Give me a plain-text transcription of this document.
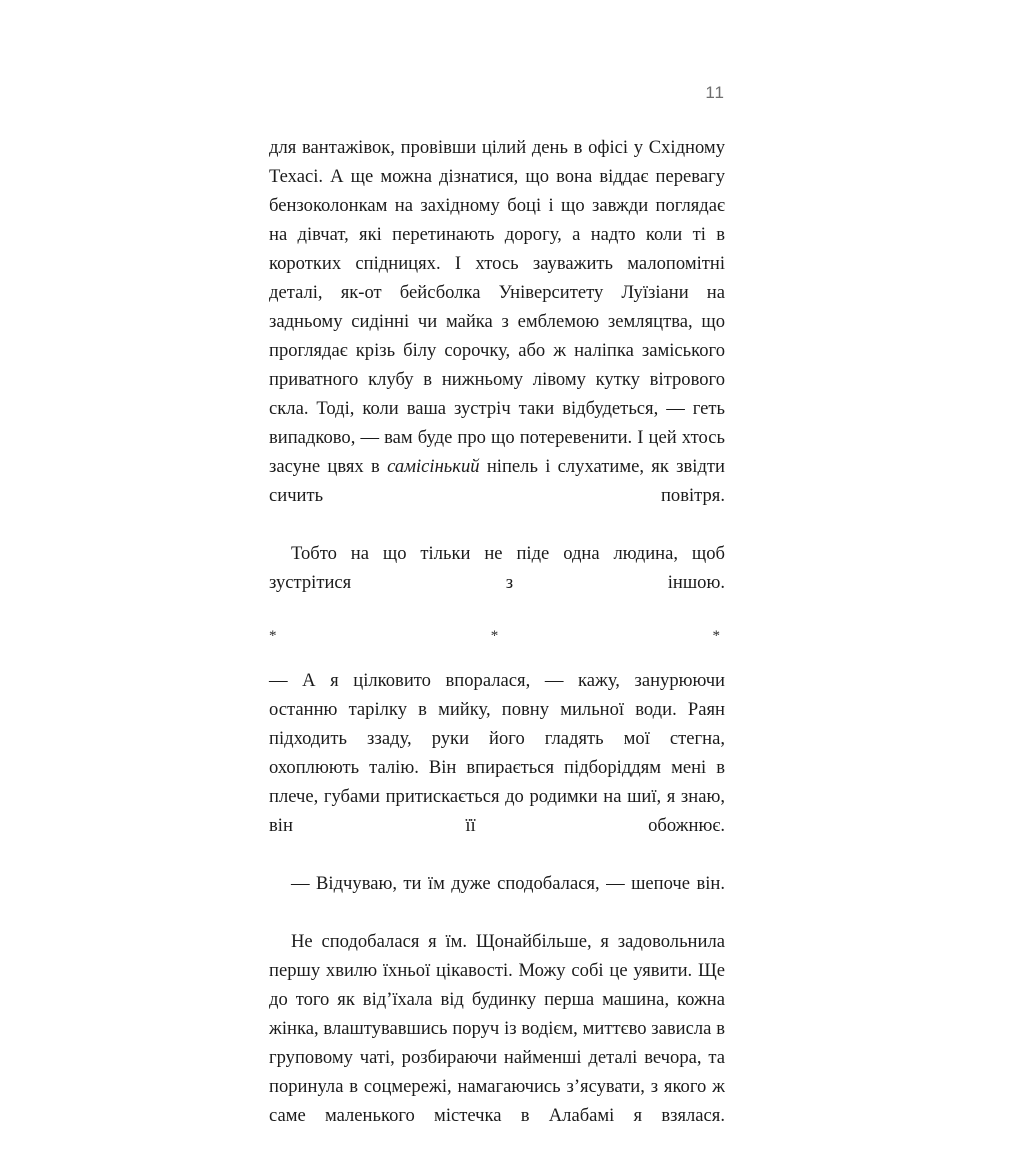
11

для вантажівок, провівши цілий день в офісі у Східному Техасі. А ще можна дізнатися, що вона віддає перевагу бензоколонкам на західному боці і що завжди поглядає на дівчат, які перетинають дорогу, а надто коли ті в коротких спідницях. І хтось зауважить малопомітні деталі, як-от бейсболка Університету Луїзіани на задньому сидінні чи майка з емблемою земляцтва, що проглядає крізь білу сорочку, або ж наліпка заміського приватного клубу в нижньому лівому кутку вітрового скла. Тоді, коли ваша зустріч таки відбудеться, — геть випадково, — вам буде про що потеревенити. І цей хтось засуне цвях в самісінький ніпель і слухатиме, як звідти сичить повітря.

Тобто на що тільки не піде одна людина, щоб зустрітися з іншою.

* * *

— А я цілковито впоралася, — кажу, занурюючи останню тарілку в мийку, повну мильної води. Раян підходить ззаду, руки його гладять мої стегна, охоплюють талію. Він впирається підборіддям мені в плече, губами притискається до родимки на шиї, я знаю, він її обожнює.

— Відчуваю, ти їм дуже сподобалася, — шепоче він.

Не сподобалася я їм. Щонайбільше, я задовольнила першу хвилю їхньої цікавості. Можу собі це уявити. Ще до того як від’їхала від будинку перша машина, кожна жінка, влаштувавшись поруч із водієм, миттєво зависла в груповому чаті, розбираючи найменші деталі вечора, та поринула в соцмережі, намагаючись з’ясувати, з якого ж саме маленького містечка в Алабамі я взялася.
